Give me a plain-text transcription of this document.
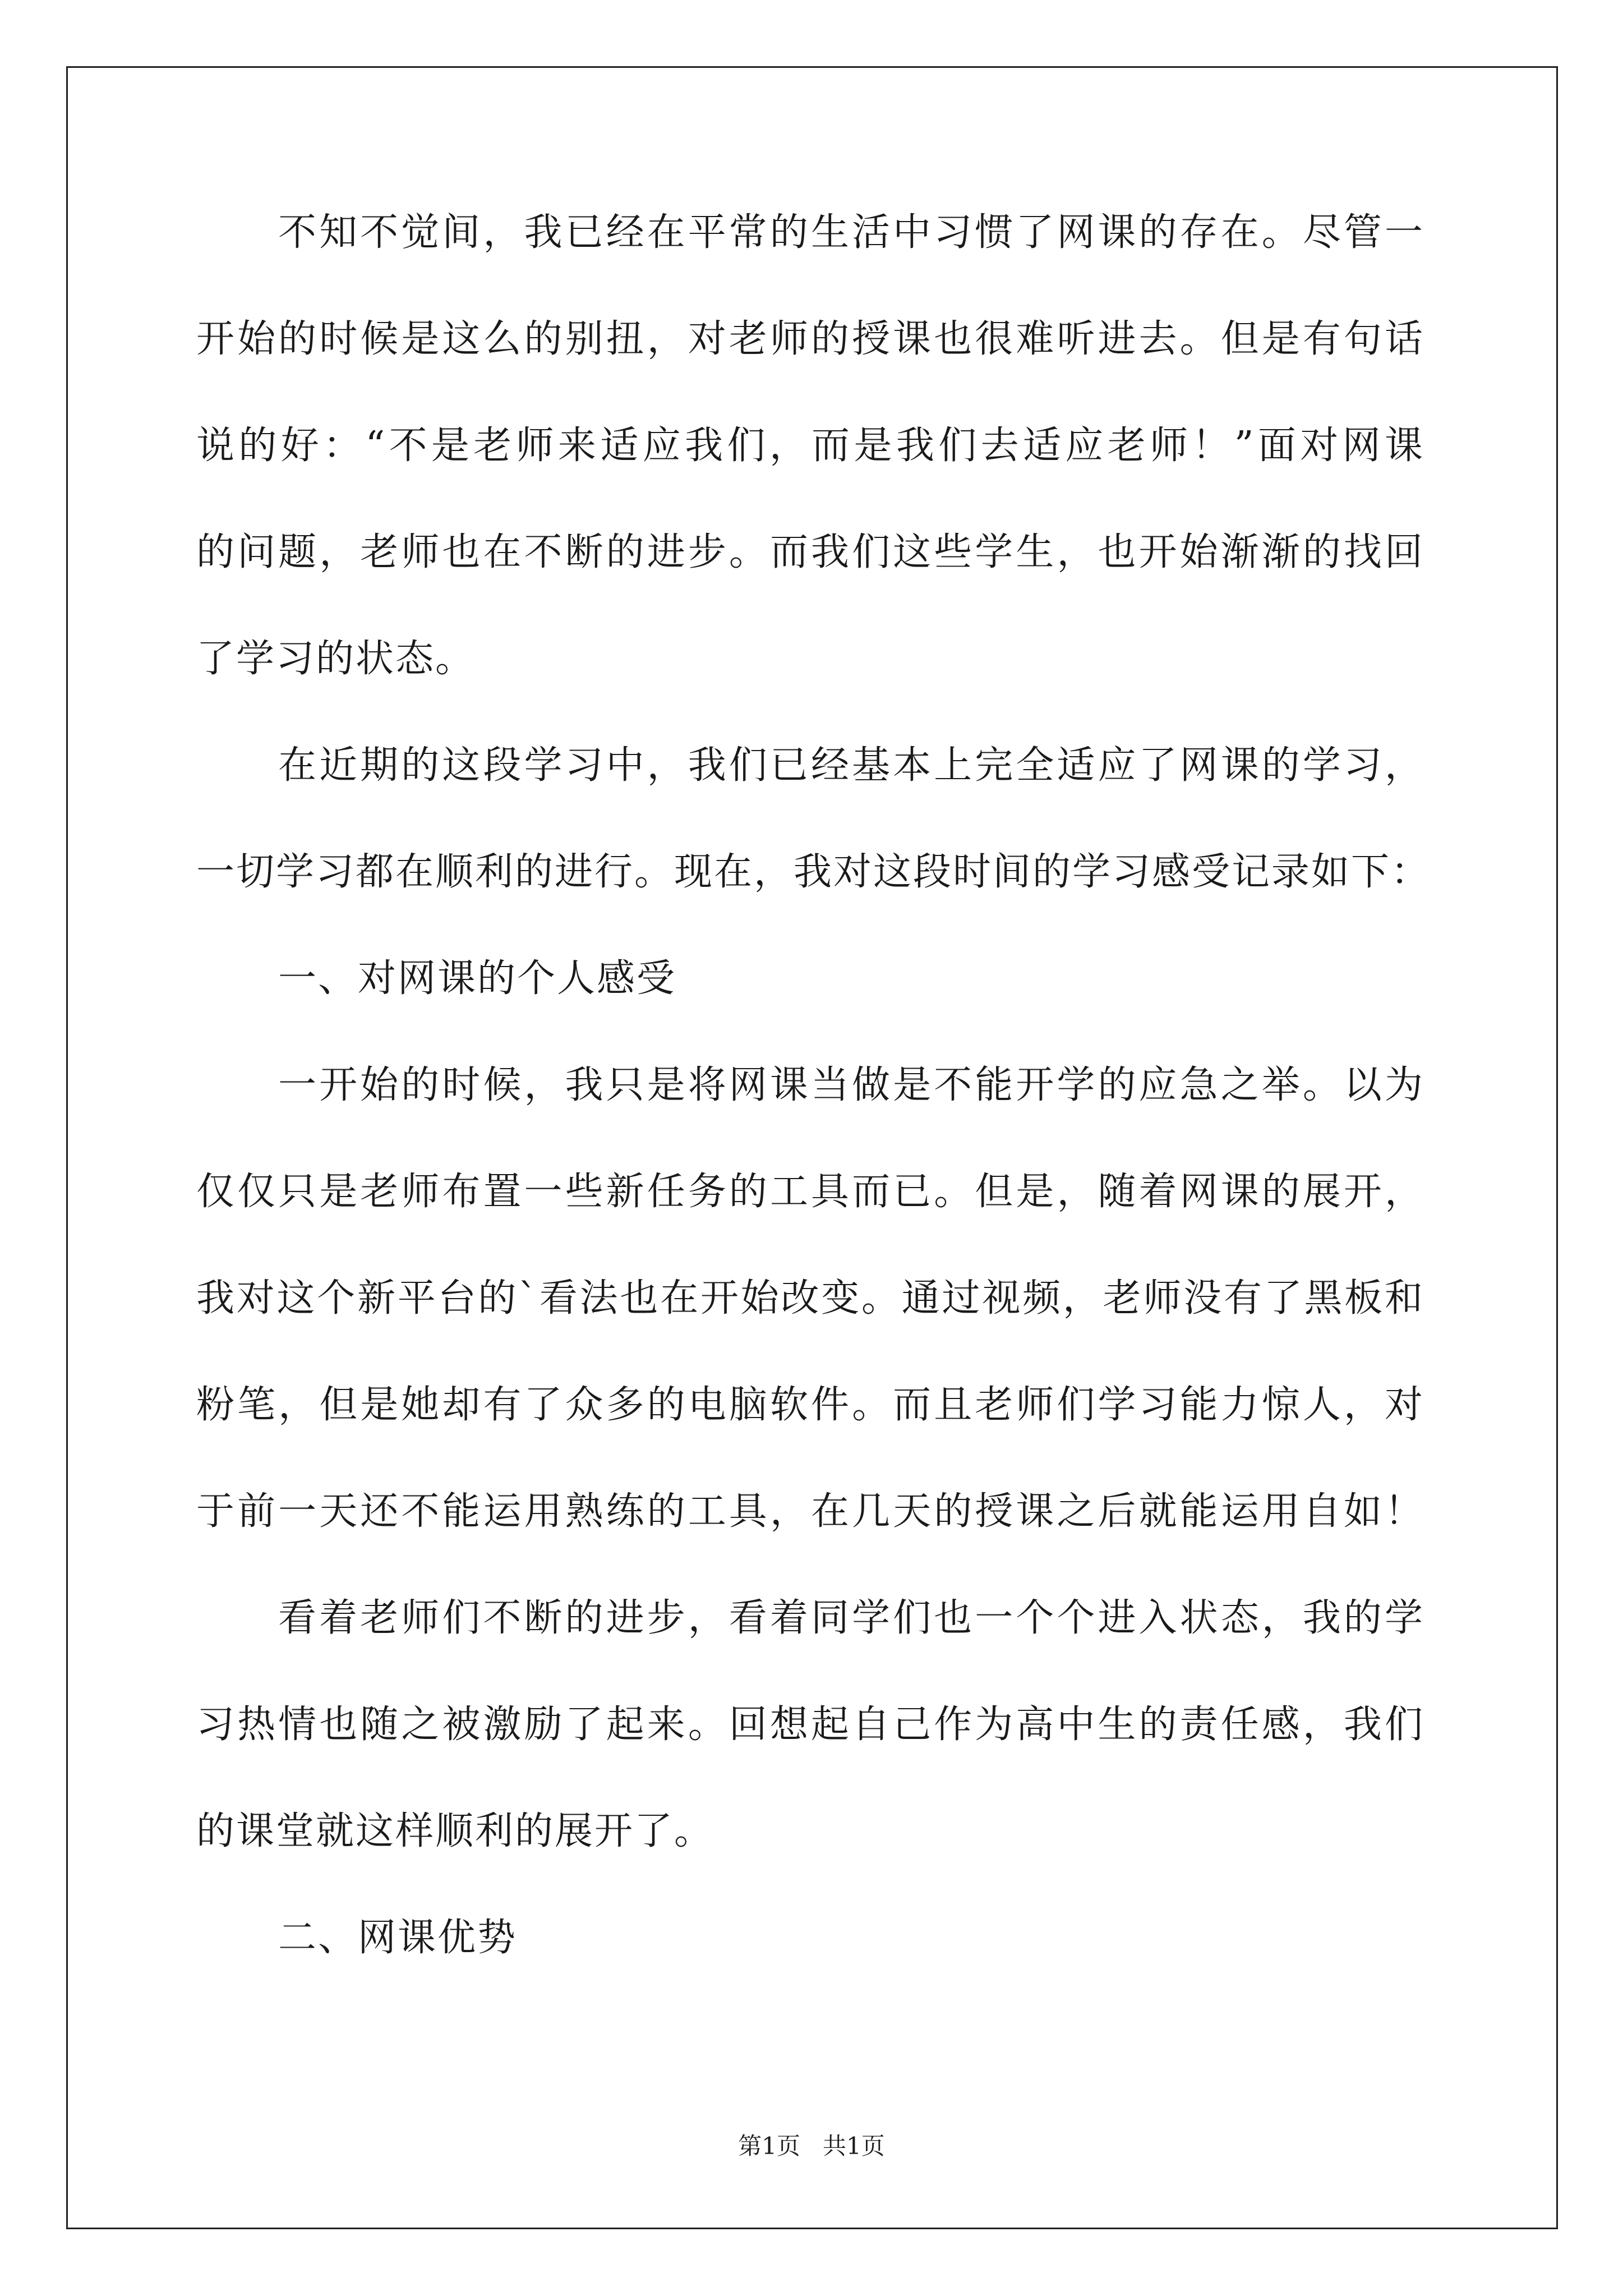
不知不觉间，我已经在平常的生活中习惯了网课的存在。尽管一
开始的时候是这么的别扭，对老师的授课也很难听进去。但是有句话
说的好：“不是老师来适应我们，而是我们去适应老师！”面对网课
的问题，老师也在不断的进步。而我们这些学生，也开始渐渐的找回
了学习的状态。
在近期的这段学习中，我们已经基本上完全适应了网课的学习，
一切学习都在顺利的进行。现在，我对这段时间的学习感受记录如下：
一、对网课的个人感受
一开始的时候，我只是将网课当做是不能开学的应急之举。以为
仅仅只是老师布置一些新任务的工具而已。但是，随着网课的展开，
我对这个新平台的`看法也在开始改变。通过视频，老师没有了黑板和
粉笔，但是她却有了众多的电脑软件。而且老师们学习能力惊人，对
于前一天还不能运用熟练的工具，在几天的授课之后就能运用自如！
看着老师们不断的进步，看着同学们也一个个进入状态，我的学
习热情也随之被激励了起来。回想起自己作为高中生的责任感，我们
的课堂就这样顺利的展开了。
二、网课优势
第1页   共1页
